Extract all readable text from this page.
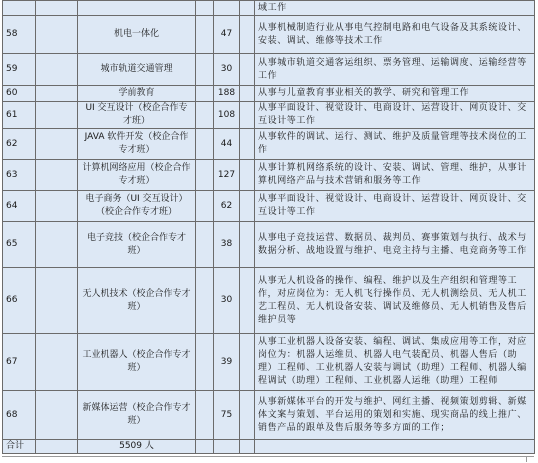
						域工作
58		机电一体化		47		从事机械制造行业从事电气控制电路和电气设备及其系统设计、安装、调试、维修等技术工作
59		城市轨道交通管理		30		从事城市轨道交通客运组织、票务管理、运输调度、运输经营等工作
60		学前教育		188		从事与儿童教育事业相关的教学、研究和管理工作
61		UI 交互设计（校企合作专才班）		108		从事平面设计、视觉设计、电商设计、运营设计、网页设计、交互设计等工作
62		JAVA 软件开发（校企合作专才班）		44		从事软件的调试、运行、测试、维护及质量管理等技术岗位的工作
63		计算机网络应用（校企合作专才班）		127		从事计算机网络系统的设计、安装、调试、管理、维护，从事计算机网络产品与技术营销和服务等工作
64		电子商务（UI 交互设计）（校企合作专才班）		62		从事平面设计、视觉设计、电商设计、运营设计、网页设计、交互设计等工作
65		电子竞技（校企合作专才班）		38		从事电子竞技运营、数据员、裁判员、赛事策划与执行、战术与数据分析、战地设置与维护、电竞主持与主播、电竞商务等工作
66		无人机技术（校企合作专才班）		30		从事无人机设备的操作、编程、维护以及生产组织和管理等工作，对应岗位为：无人机飞行操作员、无人机测绘员、无人机工艺工程员、无人机设备安装、调试及维修员、无人机销售及售后维护员等
67		工业机器人（校企合作专才班）		39		从事工业机器人设备安装、编程、调试、集成应用等工作，对应岗位为：机器人运维员、机器人电气装配员、机器人售后（助理）工程师、工业机器人安装与调试（助理）工程师、机器人编程调试（助理）工程师、工业机器人运维（助理）工程师
68		新媒体运营（校企合作专才班）		75		从事新媒体平台的开发与维护、网红主播、视频策划剪辑、新媒体文案与策划、平台运用的策划和实施、现实商品的线上推广、销售产品的跟单及售后服务等多方面的工作；
合计		5509 人				
